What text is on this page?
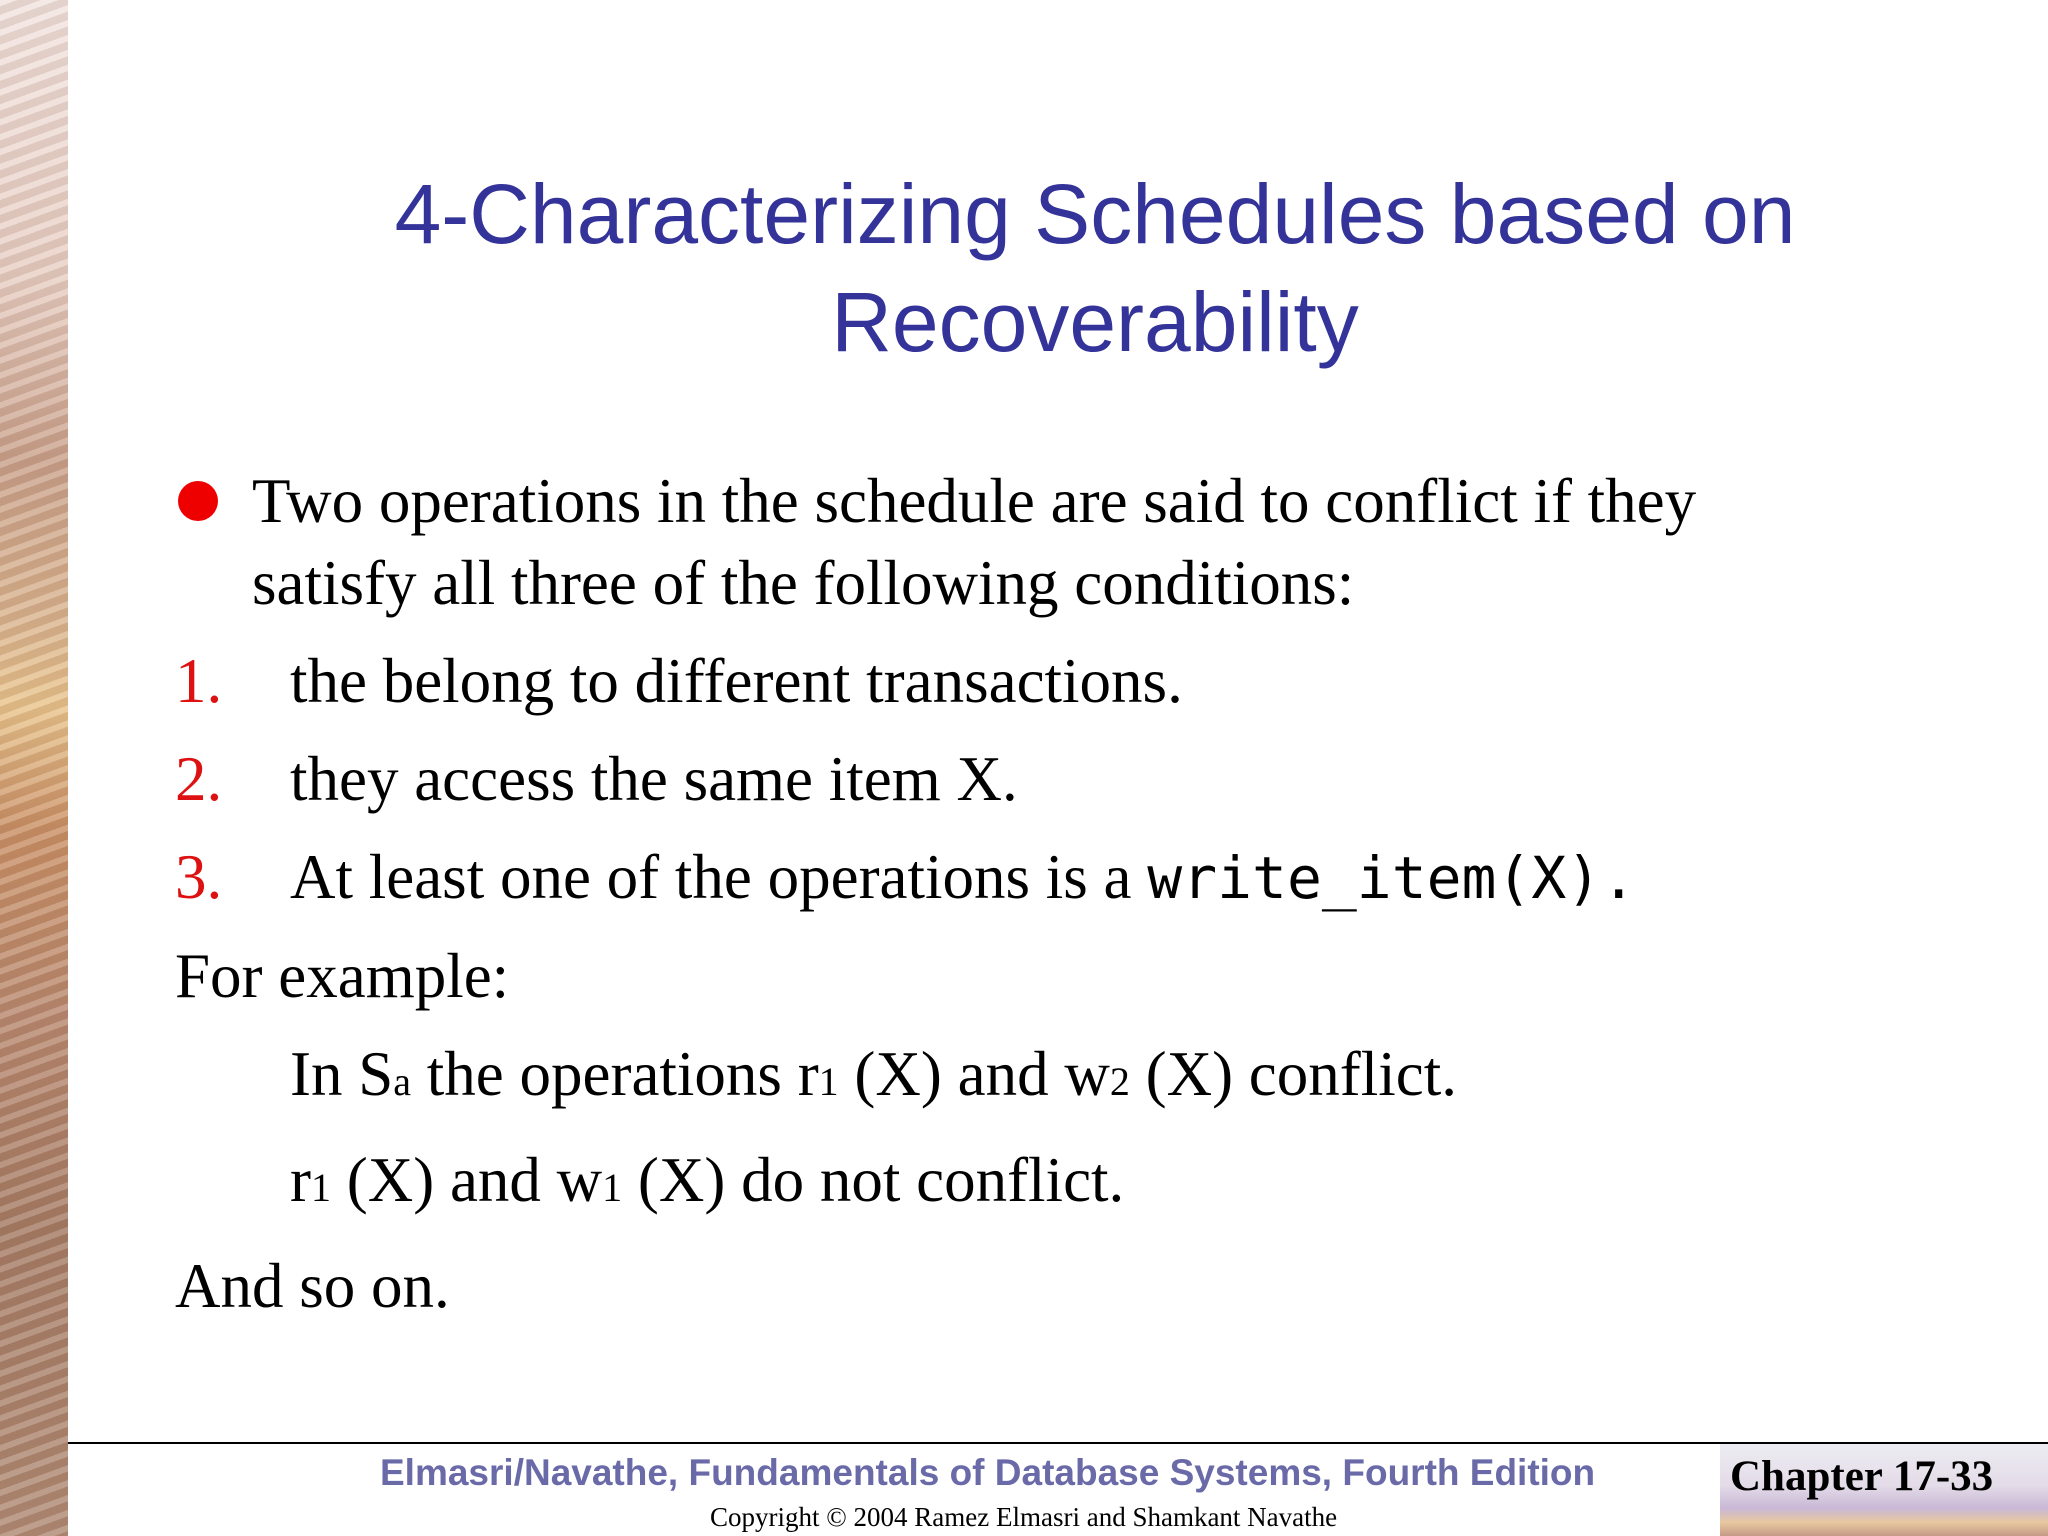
4-Characterizing Schedules based on
Recoverability
Two operations in the schedule are said to conflict if they
satisfy all three of the following conditions:
1. the belong to different transactions.
2. they access the same item X.
3. At least one of the operations is a write_item(X).
For example:
In Sa the operations r1 (X) and w2 (X) conflict.
r1 (X) and w1 (X) do not conflict.
And so on.
Elmasri/Navathe, Fundamentals of Database Systems, Fourth Edition
Copyright © 2004 Ramez Elmasri and Shamkant Navathe
Chapter 17-33
